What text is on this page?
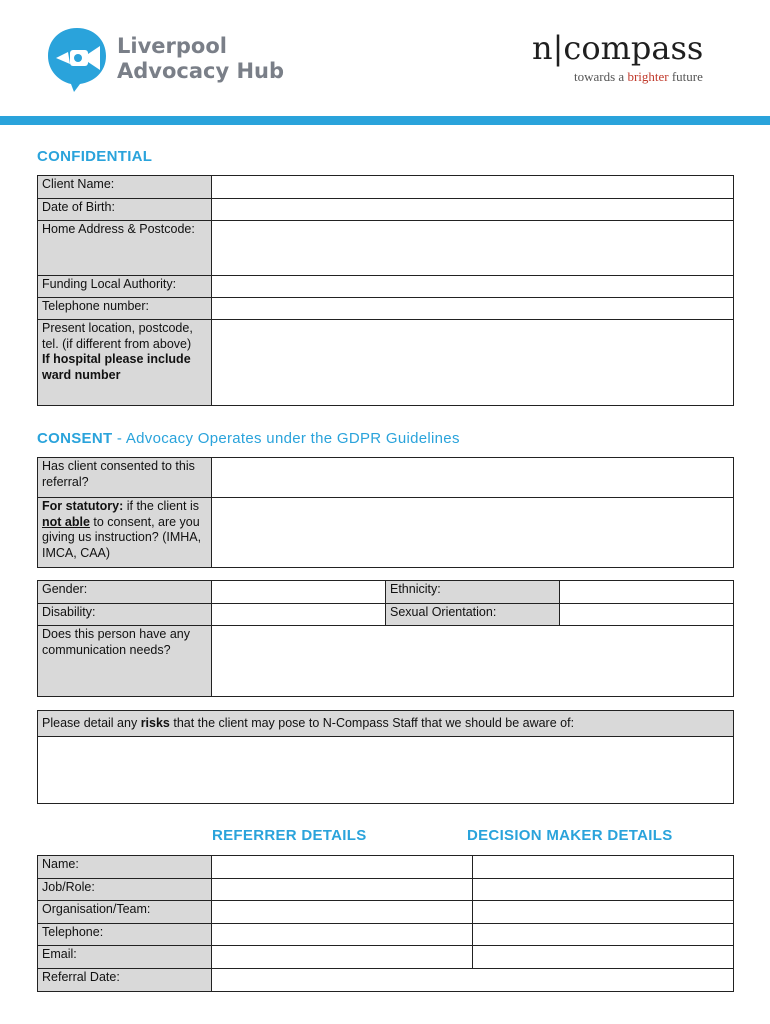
Liverpool
Advocacy Hub
n|compass
towards a brighter future
CONFIDENTIAL
Client Name:	
Date of Birth:	
Home Address & Postcode:	
Funding Local Authority:	
Telephone number:	
Present location, postcode, tel. (if different from above)
If hospital please include ward number	
CONSENT - Advocacy Operates under the GDPR Guidelines
Has client consented to this referral?	
For statutory: if the client is not able to consent, are you giving us instruction? (IMHA, IMCA, CAA)	
Gender:		Ethnicity:	
Disability:		Sexual Orientation:	
Does this person have any communication needs?			
Please detail any risks that the client may pose to N-Compass Staff that we should be aware of:

REFERRER DETAILS	DECISION MAKER DETAILS
Name:		
Job/Role:		
Organisation/Team:		
Telephone:		
Email:		
Referral Date:		
